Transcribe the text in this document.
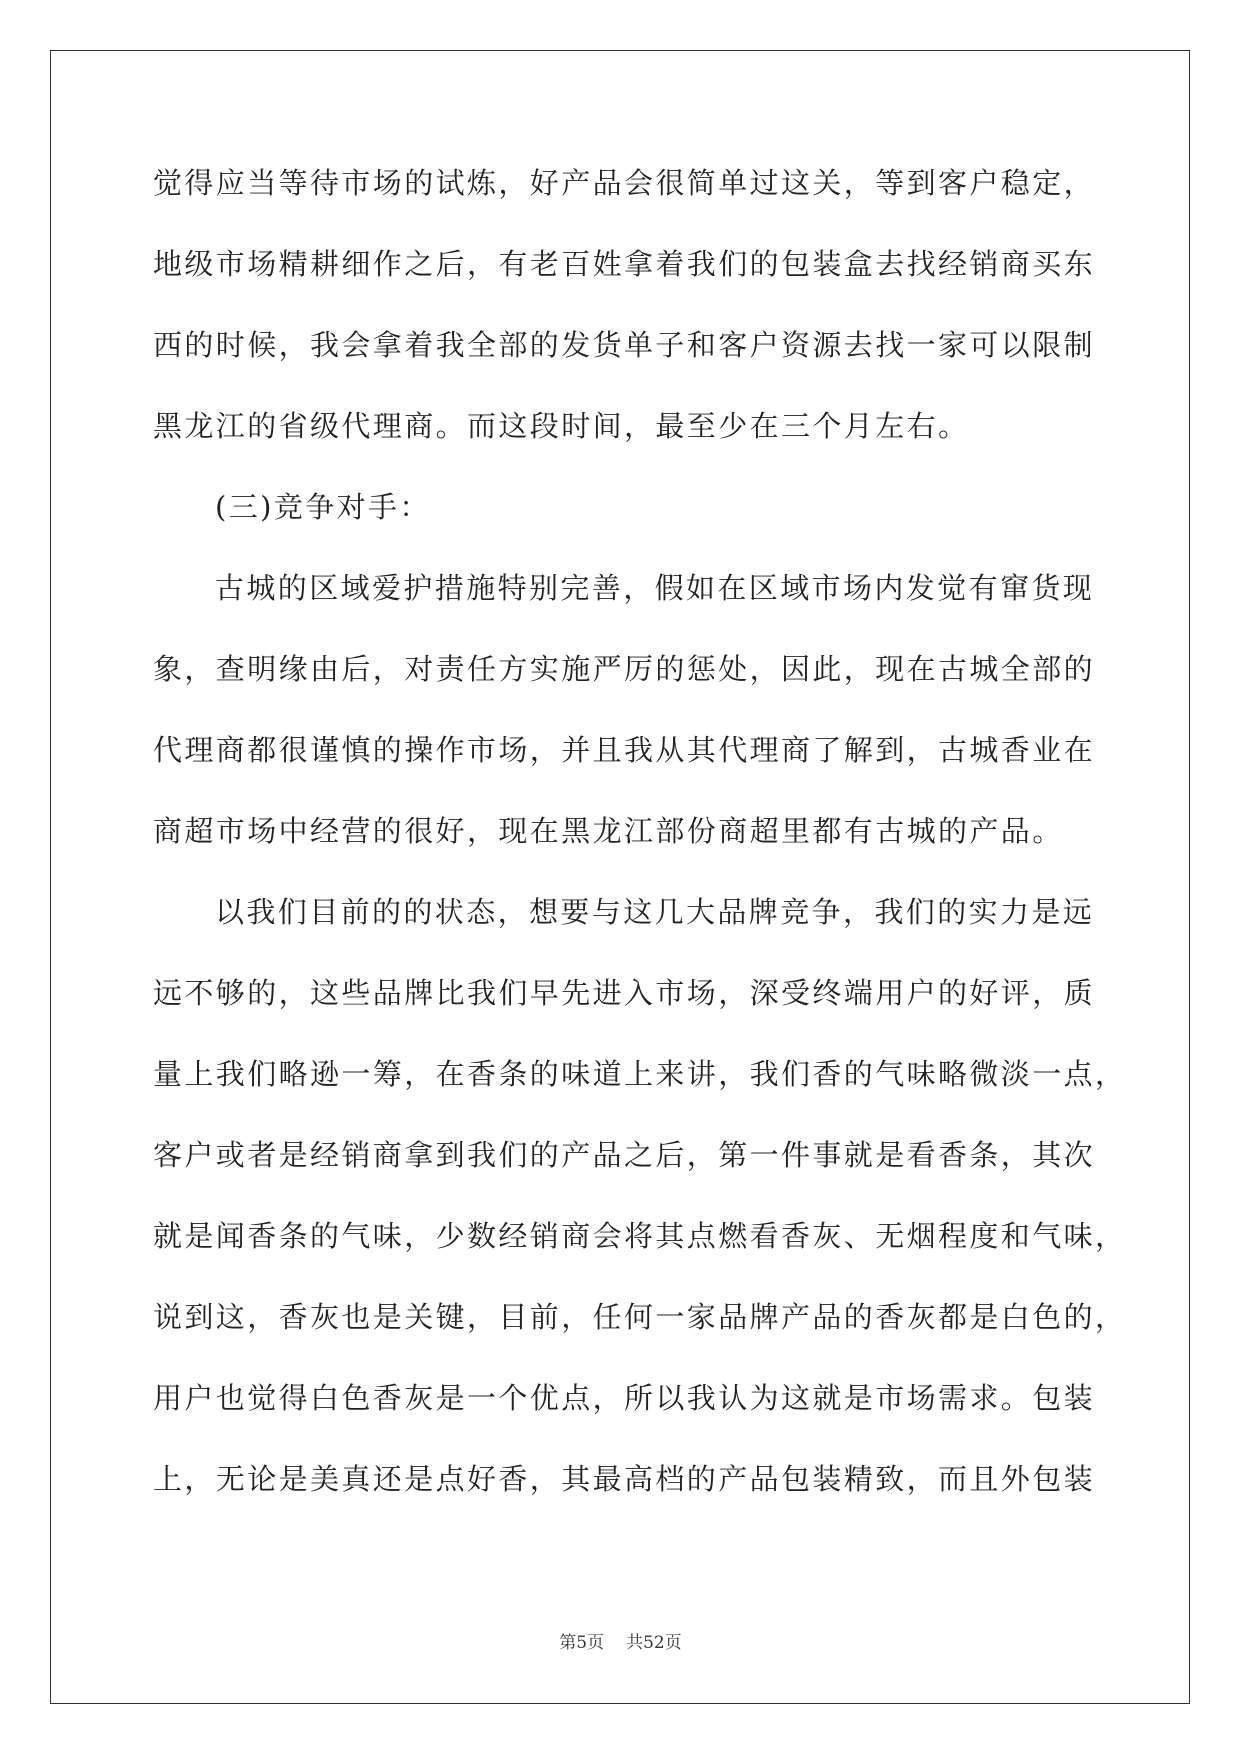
觉得应当等待市场的试炼，好产品会很简单过这关，等到客户稳定，
地级市场精耕细作之后，有老百姓拿着我们的包装盒去找经销商买东
西的时候，我会拿着我全部的发货单子和客户资源去找一家可以限制
黑龙江的省级代理商。而这段时间，最至少在三个月左右。
(三)竞争对手：
古城的区域爱护措施特别完善，假如在区域市场内发觉有窜货现
象，查明缘由后，对责任方实施严厉的惩处，因此，现在古城全部的
代理商都很谨慎的操作市场，并且我从其代理商了解到，古城香业在
商超市场中经营的很好，现在黑龙江部份商超里都有古城的产品。
以我们目前的的状态，想要与这几大品牌竞争，我们的实力是远
远不够的，这些品牌比我们早先进入市场，深受终端用户的好评，质
量上我们略逊一筹，在香条的味道上来讲，我们香的气味略微淡一点，
客户或者是经销商拿到我们的产品之后，第一件事就是看香条，其次
就是闻香条的气味，少数经销商会将其点燃看香灰、无烟程度和气味，
说到这，香灰也是关键，目前，任何一家品牌产品的香灰都是白色的，
用户也觉得白色香灰是一个优点，所以我认为这就是市场需求。包装
上，无论是美真还是点好香，其最高档的产品包装精致，而且外包装
第5页 共52页
